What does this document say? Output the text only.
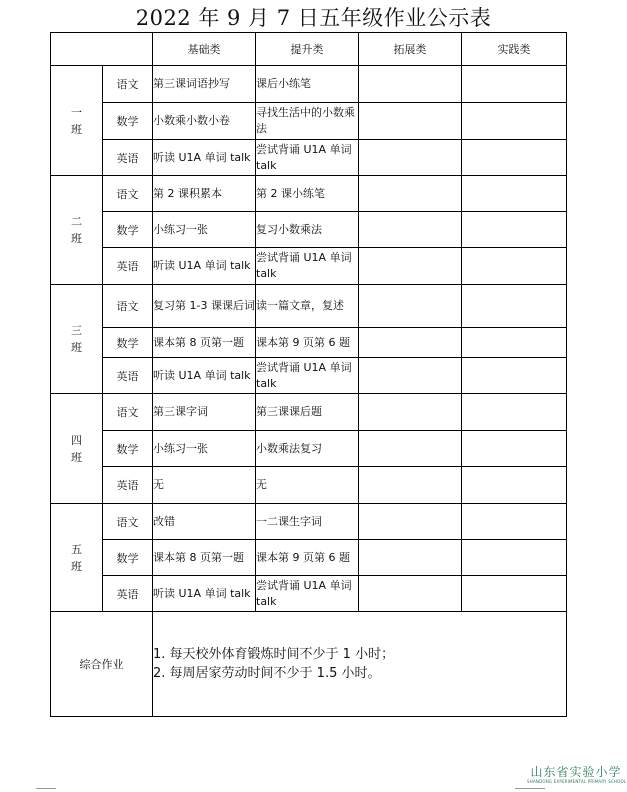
2022 年 9 月 7 日五年级作业公示表
		基础类	提升类	拓展类	实践类

一
班	语文	第三课词语抄写	课后小练笔		
	数学	小数乘小数小卷	寻找生活中的小数乘法		
	英语	听读 U1A 单词 talk	尝试背诵 U1A 单词 talk		

二
班	语文	第 2 课积累本	第 2 课小练笔		
	数学	小练习一张	复习小数乘法		
	英语	听读 U1A 单词 talk	尝试背诵 U1A 单词 talk		

三
班	语文	复习第 1-3 课课后词	读一篇文章，复述		
	数学	课本第 8 页第一题	课本第 9 页第 6 题		
	英语	听读 U1A 单词 talk	尝试背诵 U1A 单词 talk		

四
班	语文	第三课字词	第三课课后题		
	数学	小练习一张	小数乘法复习		
	英语	无	无		

五
班	语文	改错	一二课生字词		
	数学	课本第 8 页第一题	课本第 9 页第 6 题		
	英语	听读 U1A 单词 talk	尝试背诵 U1A 单词 talk		
综合作业		1. 每天校外体育锻炼时间不少于 1 小时；
2. 每周居家劳动时间不少于 1.5 小时。			
山东省实验小学
SHANDONG EXPERIMENTAL PRIMARY SCHOOL
